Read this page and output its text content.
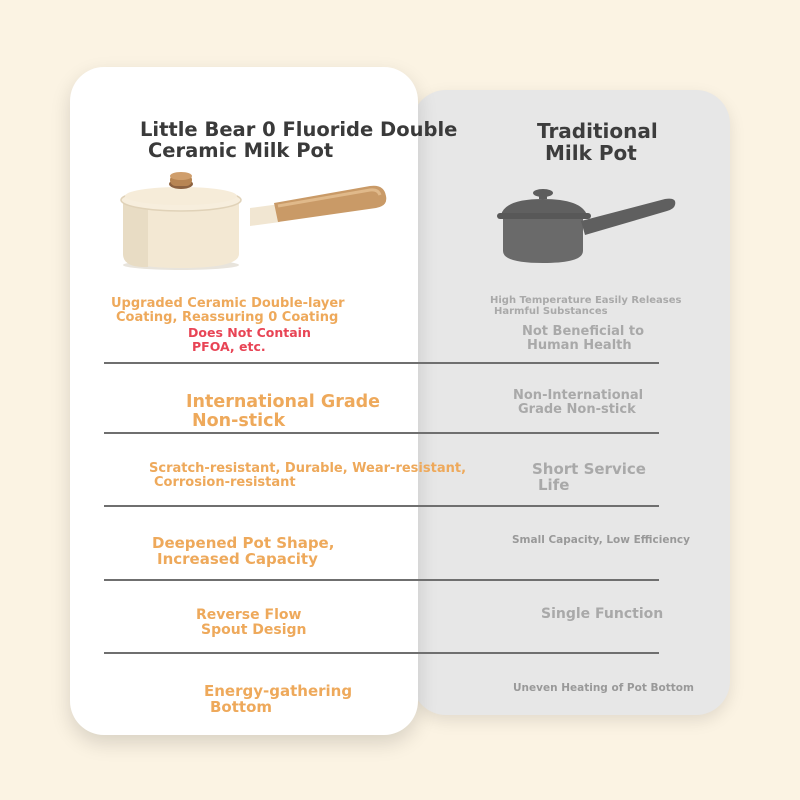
Little Bear 0 Fluoride Double
Ceramic Milk Pot
Traditional
Milk Pot
Upgraded Ceramic Double-layer
Coating, Reassuring 0 Coating
Does Not Contain
PFOA, etc.
International Grade
Non-stick
Scratch-resistant, Durable, Wear-resistant,
Corrosion-resistant
Deepened Pot Shape,
Increased Capacity
Reverse Flow
Spout Design
Energy-gathering
Bottom
High Temperature Easily Releases
Harmful Substances
Not Beneficial to
Human Health
Non-International
Grade Non-stick
Short Service
Life
Small Capacity, Low Efficiency
Single Function
Uneven Heating of Pot Bottom
